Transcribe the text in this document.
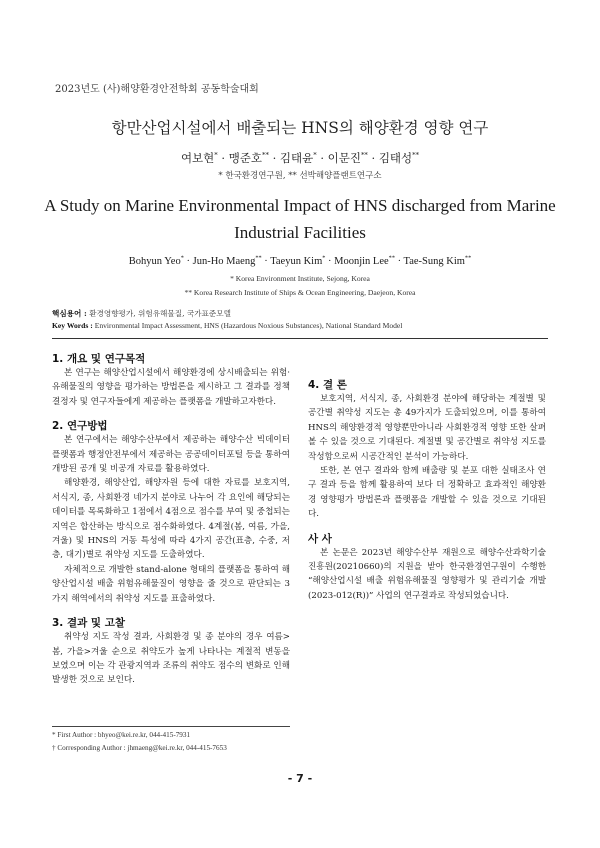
2023년도 (사)해양환경안전학회 공동학술대회
항만산업시설에서 배출되는 HNS의 해양환경 영향 연구
여보현* · 맹준호** · 김태윤* · 이문진** · 김태성**
* 한국환경연구원, ** 선박해양플랜트연구소
A Study on Marine Environmental Impact of HNS discharged from Marine Industrial Facilities
Bohyun Yeo* · Jun-Ho Maeng** · Taeyun Kim* · Moonjin Lee** · Tae-Sung Kim**
* Korea Environment Institute, Sejong, Korea
** Korea Research Institute of Ships & Ocean Engineering, Daejeon, Korea
핵심용어 : 환경영향평가, 위험유해물질, 국가표준모델
Key Words : Environmental Impact Assessment, HNS (Hazardous Noxious Substances), National Standard Model
1. 개요 및 연구목적

본 연구는 해양산업시설에서 해양환경에 상시배출되는 위험·유해물질의 영향을 평가하는 방법론을 제시하고 그 결과를 정책결정자 및 연구자들에게 제공하는 플랫폼을 개발하고자한다.

2. 연구방법

본 연구에서는 해양수산부에서 제공하는 해양수산 빅데이터플랫폼과 행정안전부에서 제공하는 공공데이터포털 등을 통하여 개방된 공개 및 비공개 자료를 활용하였다.

해양환경, 해양산업, 해양자원 등에 대한 자료를 보호지역, 서식지, 종, 사회환경 네가지 분야로 나누어 각 요인에 해당되는 데이터를 목록화하고 1점에서 4점으로 점수를 부여 및 중첩되는 지역은 합산하는 방식으로 점수화하였다. 4계절(봄, 여름, 가을, 겨울) 및 HNS의 거동 특성에 따라 4가지 공간(표층, 수중, 저층, 대기)별로 취약성 지도를 도출하였다.

자체적으로 개발한 stand-alone 형태의 플랫폼을 통하여 해양산업시설 배출 위험유해물질이 영향을 줄 것으로 판단되는 3가지 해역에서의 취약성 지도를 표출하였다.

3. 결과 및 고찰

취약성 지도 작성 결과, 사회환경 및 종 분야의 경우 여름>봄, 가을>겨울 순으로 취약도가 높게 나타나는 계절적 변동을 보였으며 이는 각 관광지역과 조류의 취약도 점수의 변화로 인해 발생한 것으로 보인다.

4. 결 론

보호지역, 서식지, 종, 사회환경 분야에 해당하는 계절별 및 공간별 취약성 지도는 총 49가지가 도출되었으며, 이를 통하여 HNS의 해양환경적 영향뿐만아니라 사회환경적 영향 또한 살펴볼 수 있을 것으로 기대된다. 계절별 및 공간별로 취약성 지도를 작성함으로써 시공간적인 분석이 가능하다.

또한, 본 연구 결과와 함께 배출량 및 분포 대한 실태조사 연구 결과 등을 함께 활용하여 보다 더 정확하고 효과적인 해양환경 영향평가 방법론과 플랫폼을 개발할 수 있을 것으로 기대된다.

사 사

본 논문은 2023년 해양수산부 재원으로 해양수산과학기술진흥원(20210660)의 지원을 받아 한국환경연구원이 수행한 “해양산업시설 배출 위험유해물질 영향평가 및 관리기술 개발(2023-012(R))” 사업의 연구결과로 작성되었습니다.

* First Author : bhyeo@kei.re.kr, 044-415-7931
† Corresponding Author : jhmaeng@kei.re.kr, 044-415-7653
- 7 -
